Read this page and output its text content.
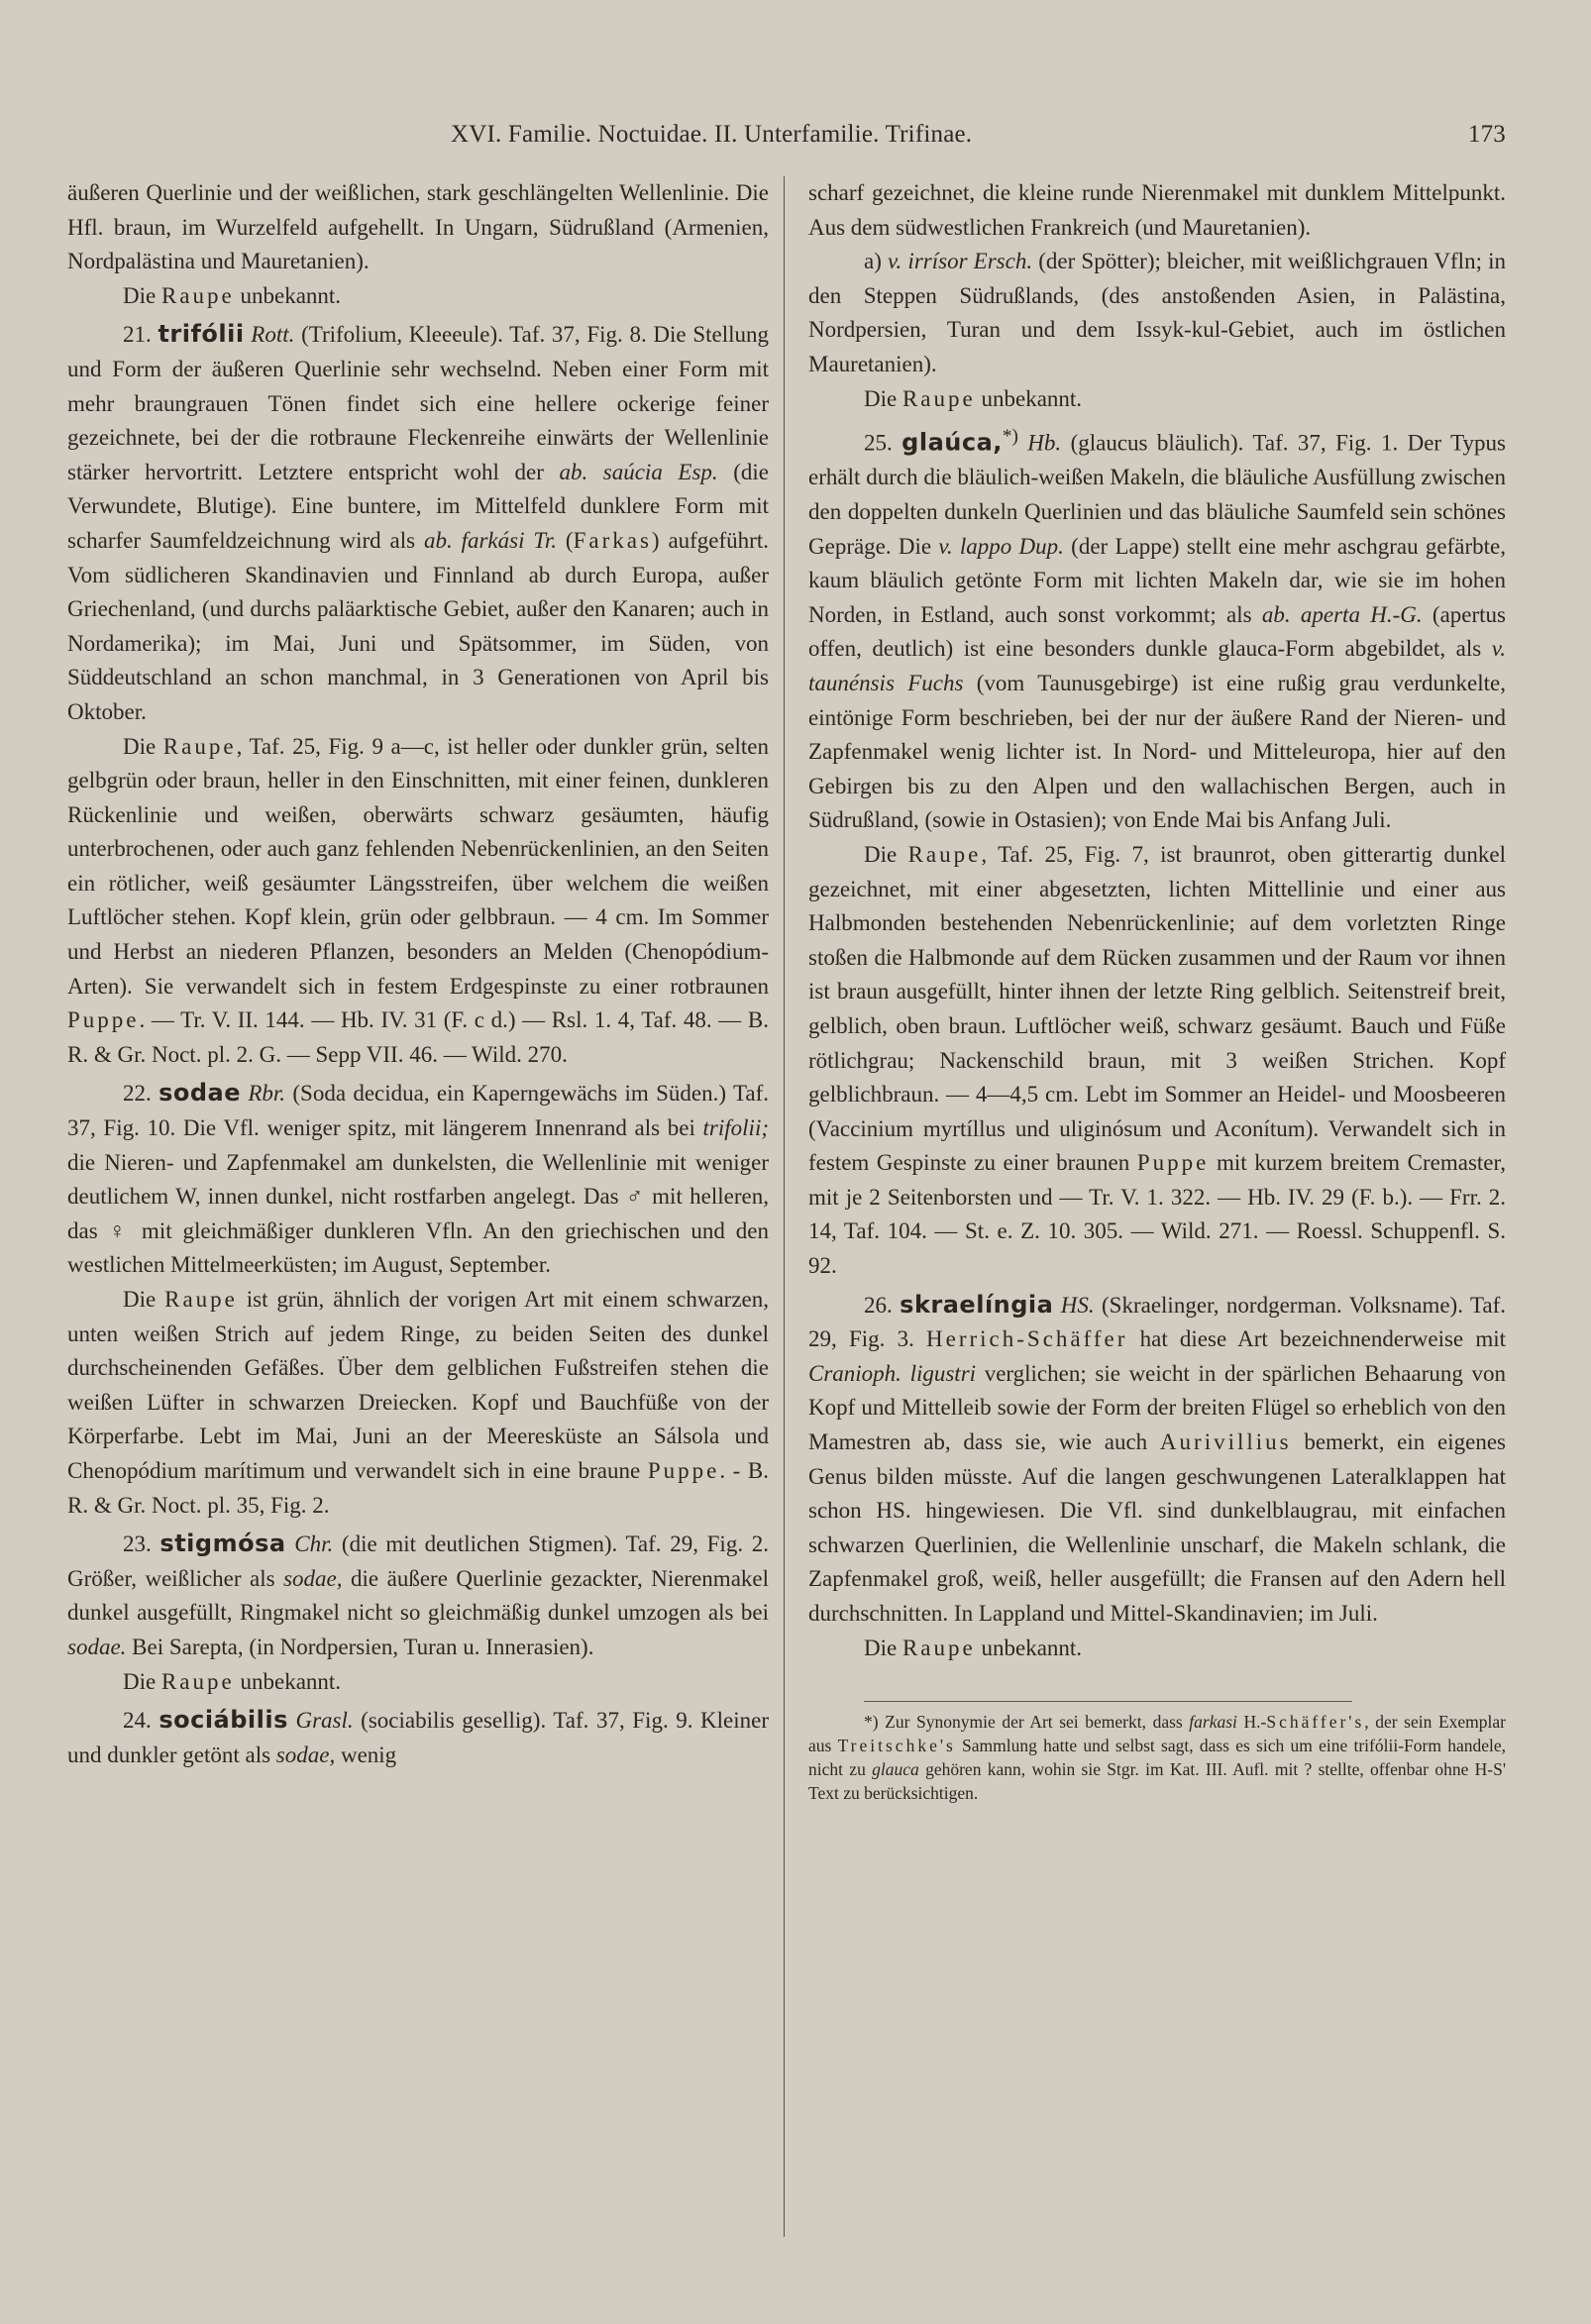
XVI. Familie. Noctuidae. II. Unterfamilie. Trifinae.	173

äußeren Querlinie und der weißlichen, stark geschlängelten Wellenlinie. Die Hfl. braun, im Wurzelfeld aufgehellt. In Ungarn, Südrußland (Armenien, Nordpalästina und Mauretanien).

Die Raupe unbekannt.

21. trifólii Rott. (Trifolium, Kleeeule). Taf. 37, Fig. 8. Die Stellung und Form der äußeren Querlinie sehr wechselnd. Neben einer Form mit mehr braungrauen Tönen findet sich eine hellere ockerige feiner gezeichnete, bei der die rotbraune Fleckenreihe einwärts der Wellenlinie stärker hervortritt. Letztere entspricht wohl der ab. saúcia Esp. (die Verwundete, Blutige). Eine buntere, im Mittelfeld dunklere Form mit scharfer Saumfeldzeichnung wird als ab. farkási Tr. (Farkas) aufgeführt. Vom südlicheren Skandinavien und Finnland ab durch Europa, außer Griechenland, (und durchs paläarktische Gebiet, außer den Kanaren; auch in Nordamerika); im Mai, Juni und Spätsommer, im Süden, von Süddeutschland an schon manchmal, in 3 Generationen von April bis Oktober.

Die Raupe, Taf. 25, Fig. 9 a—c, ist heller oder dunkler grün, selten gelbgrün oder braun, heller in den Einschnitten, mit einer feinen, dunkleren Rückenlinie und weißen, oberwärts schwarz gesäumten, häufig unterbrochenen, oder auch ganz fehlenden Nebenrückenlinien, an den Seiten ein rötlicher, weiß gesäumter Längsstreifen, über welchem die weißen Luftlöcher stehen. Kopf klein, grün oder gelbbraun. — 4 cm. Im Sommer und Herbst an niederen Pflanzen, besonders an Melden (Chenopódium-Arten). Sie verwandelt sich in festem Erdgespinste zu einer rotbraunen Puppe. — Tr. V. II. 144. — Hb. IV. 31 (F. c d.) — Rsl. 1. 4, Taf. 48. — B. R. & Gr. Noct. pl. 2. G. — Sepp VII. 46. — Wild. 270.

22. sodae Rbr. (Soda decidua, ein Kaperngewächs im Süden.) Taf. 37, Fig. 10. Die Vfl. weniger spitz, mit längerem Innenrand als bei trifolii; die Nieren- und Zapfenmakel am dunkelsten, die Wellenlinie mit weniger deutlichem W, innen dunkel, nicht rostfarben angelegt. Das ♂ mit helleren, das ♀ mit gleichmäßiger dunkleren Vfln. An den griechischen und den westlichen Mittelmeerküsten; im August, September.

Die Raupe ist grün, ähnlich der vorigen Art mit einem schwarzen, unten weißen Strich auf jedem Ringe, zu beiden Seiten des dunkel durchscheinenden Gefäßes. Über dem gelblichen Fußstreifen stehen die weißen Lüfter in schwarzen Dreiecken. Kopf und Bauchfüße von der Körperfarbe. Lebt im Mai, Juni an der Meeresküste an Sálsola und Chenopódium marítimum und verwandelt sich in eine braune Puppe. - B. R. & Gr. Noct. pl. 35, Fig. 2.

23. stigmósa Chr. (die mit deutlichen Stigmen). Taf. 29, Fig. 2. Größer, weißlicher als sodae, die äußere Querlinie gezackter, Nierenmakel dunkel ausgefüllt, Ringmakel nicht so gleichmäßig dunkel umzogen als bei sodae. Bei Sarepta, (in Nordpersien, Turan u. Innerasien).

Die Raupe unbekannt.

24. sociábilis Grasl. (sociabilis gesellig). Taf. 37, Fig. 9. Kleiner und dunkler getönt als sodae, wenig

scharf gezeichnet, die kleine runde Nierenmakel mit dunklem Mittelpunkt. Aus dem südwestlichen Frankreich (und Mauretanien).

a) v. irrísor Ersch. (der Spötter); bleicher, mit weißlichgrauen Vfln; in den Steppen Südrußlands, (des anstoßenden Asien, in Palästina, Nordpersien, Turan und dem Issyk-kul-Gebiet, auch im östlichen Mauretanien).

Die Raupe unbekannt.

25. glaúca,*) Hb. (glaucus bläulich). Taf. 37, Fig. 1. Der Typus erhält durch die bläulich-weißen Makeln, die bläuliche Ausfüllung zwischen den doppelten dunkeln Querlinien und das bläuliche Saumfeld sein schönes Gepräge. Die v. lappo Dup. (der Lappe) stellt eine mehr aschgrau gefärbte, kaum bläulich getönte Form mit lichten Makeln dar, wie sie im hohen Norden, in Estland, auch sonst vorkommt; als ab. aperta H.-G. (apertus offen, deutlich) ist eine besonders dunkle glauca-Form abgebildet, als v. taunénsis Fuchs (vom Taunusgebirge) ist eine rußig grau verdunkelte, eintönige Form beschrieben, bei der nur der äußere Rand der Nieren- und Zapfenmakel wenig lichter ist. In Nord- und Mitteleuropa, hier auf den Gebirgen bis zu den Alpen und den wallachischen Bergen, auch in Südrußland, (sowie in Ostasien); von Ende Mai bis Anfang Juli.

Die Raupe, Taf. 25, Fig. 7, ist braunrot, oben gitterartig dunkel gezeichnet, mit einer abgesetzten, lichten Mittellinie und einer aus Halbmonden bestehenden Nebenrückenlinie; auf dem vorletzten Ringe stoßen die Halbmonde auf dem Rücken zusammen und der Raum vor ihnen ist braun ausgefüllt, hinter ihnen der letzte Ring gelblich. Seitenstreif breit, gelblich, oben braun. Luftlöcher weiß, schwarz gesäumt. Bauch und Füße rötlichgrau; Nackenschild braun, mit 3 weißen Strichen. Kopf gelblichbraun. — 4—4,5 cm. Lebt im Sommer an Heidel- und Moosbeeren (Vaccinium myrtíllus und uliginósum und Aconítum). Verwandelt sich in festem Gespinste zu einer braunen Puppe mit kurzem breitem Cremaster, mit je 2 Seitenborsten und — Tr. V. 1. 322. — Hb. IV. 29 (F. b.). — Frr. 2. 14, Taf. 104. — St. e. Z. 10. 305. — Wild. 271. — Roessl. Schuppenfl. S. 92.

26. skraelíngia HS. (Skraelinger, nordgerman. Volksname). Taf. 29, Fig. 3. Herrich-Schäffer hat diese Art bezeichnenderweise mit Cranioph. ligustri verglichen; sie weicht in der spärlichen Behaarung von Kopf und Mittelleib sowie der Form der breiten Flügel so erheblich von den Mamestren ab, dass sie, wie auch Aurivillius bemerkt, ein eigenes Genus bilden müsste. Auf die langen geschwungenen Lateralklappen hat schon HS. hingewiesen. Die Vfl. sind dunkelblaugrau, mit einfachen schwarzen Querlinien, die Wellenlinie unscharf, die Makeln schlank, die Zapfenmakel groß, weiß, heller ausgefüllt; die Fransen auf den Adern hell durchschnitten. In Lappland und Mittel-Skandinavien; im Juli.

Die Raupe unbekannt.

*) Zur Synonymie der Art sei bemerkt, dass farkasi H.-Schäffer's, der sein Exemplar aus Treitschke's Sammlung hatte und selbst sagt, dass es sich um eine trifólii-Form handele, nicht zu glauca gehören kann, wohin sie Stgr. im Kat. III. Aufl. mit ? stellte, offenbar ohne H-S' Text zu berücksichtigen.
